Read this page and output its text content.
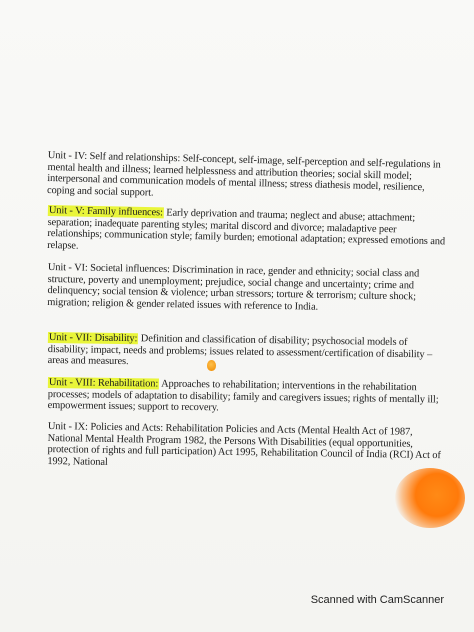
Unit - IV: Self and relationships: Self-concept, self-image, self-perception and self-regulations in mental health and illness; learned helplessness and attribution theories; social skill model; interpersonal and communication models of mental illness; stress diathesis model, resilience, coping and social support.
Unit - V: Family influences: Early deprivation and trauma; neglect and abuse; attachment; separation; inadequate parenting styles; marital discord and divorce; maladaptive peer relationships; communication style; family burden; emotional adaptation; expressed emotions and relapse.
Unit - VI: Societal influences: Discrimination in race, gender and ethnicity; social class and structure, poverty and unemployment; prejudice, social change and uncertainty; crime and delinquency; social tension & violence; urban stressors; torture & terrorism; culture shock; migration; religion & gender related issues with reference to India.
Unit - VII: Disability: Definition and classification of disability; psychosocial models of disability; impact, needs and problems; issues related to assessment/certification of disability – areas and measures.
Unit - VIII: Rehabilitation: Approaches to rehabilitation; interventions in the rehabilitation processes; models of adaptation to disability; family and caregivers issues; rights of mentally ill; empowerment issues; support to recovery.
Unit - IX: Policies and Acts: Rehabilitation Policies and Acts (Mental Health Act of 1987, National Mental Health Program 1982, the Persons With Disabilities (equal opportunities, protection of rights and full participation) Act 1995, Rehabilitation Council of India (RCI) Act of 1992, National
Scanned with CamScanner
